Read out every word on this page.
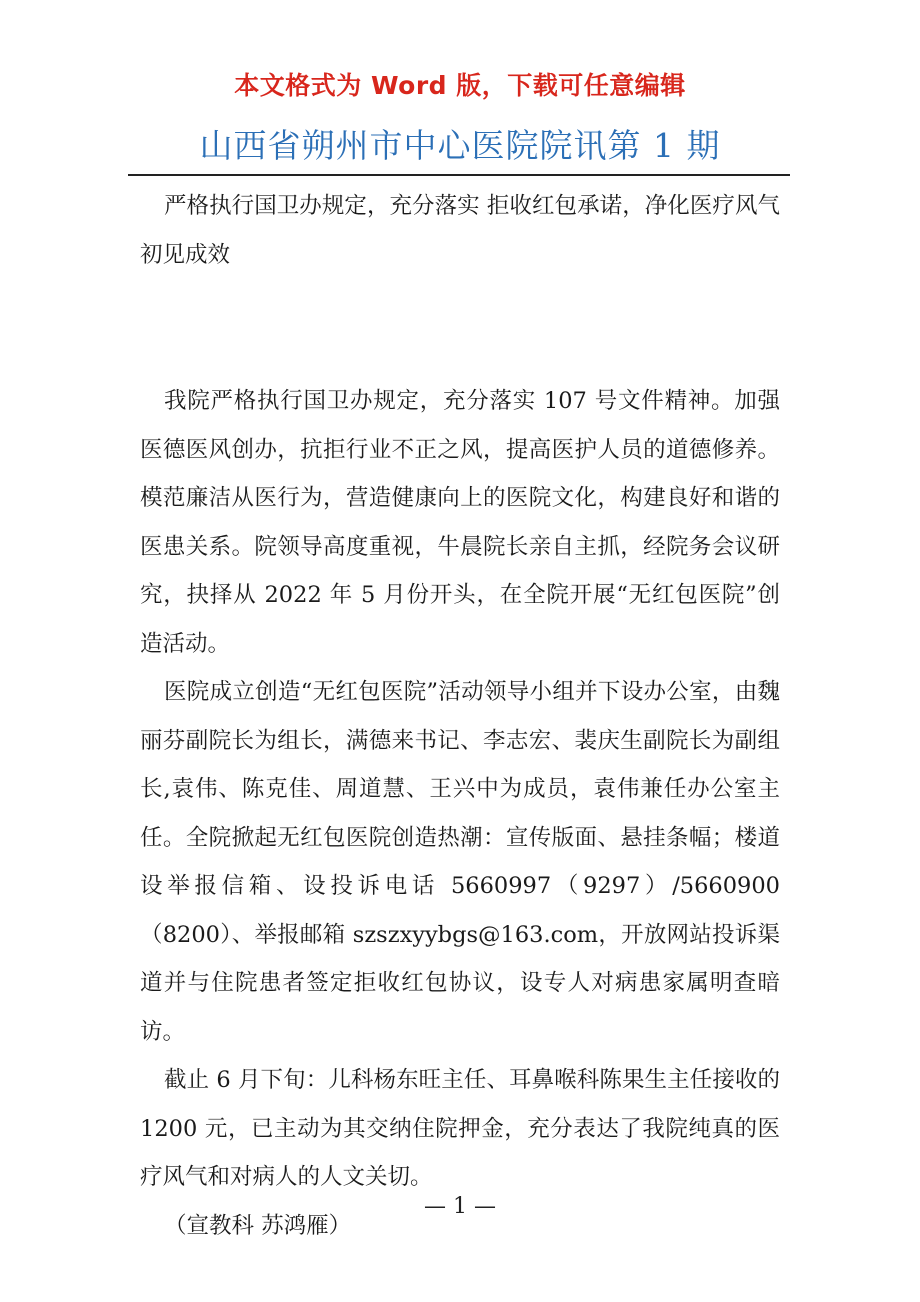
本文格式为 Word 版，下载可任意编辑
山西省朔州市中心医院院讯第 1 期

严格执行国卫办规定，充分落实 拒收红包承诺，净化医疗风气初见成效

我院严格执行国卫办规定，充分落实 107 号文件精神。加强医德医风创办，抗拒行业不正之风，提高医护人员的道德修养。模范廉洁从医行为，营造健康向上的医院文化，构建良好和谐的医患关系。院领导高度重视，牛晨院长亲自主抓，经院务会议研究，抉择从 2022 年 5 月份开头，在全院开展“无红包医院”创造活动。

医院成立创造“无红包医院”活动领导小组并下设办公室，由魏丽芬副院长为组长，满德来书记、李志宏、裴庆生副院长为副组长,袁伟、陈克佳、周道慧、王兴中为成员，袁伟兼任办公室主任。全院掀起无红包医院创造热潮：宣传版面、悬挂条幅；楼道设举报信箱、设投诉电话 5660997（9297）/5660900（8200）、举报邮箱 szszxyybgs@163.com，开放网站投诉渠道并与住院患者签定拒收红包协议，设专人对病患家属明查暗访。

截止 6 月下旬：儿科杨东旺主任、耳鼻喉科陈果生主任接收的 1200 元，已主动为其交纳住院押金，充分表达了我院纯真的医疗风气和对病人的人文关切。

（宣教科 苏鸿雁）

— 1 —
